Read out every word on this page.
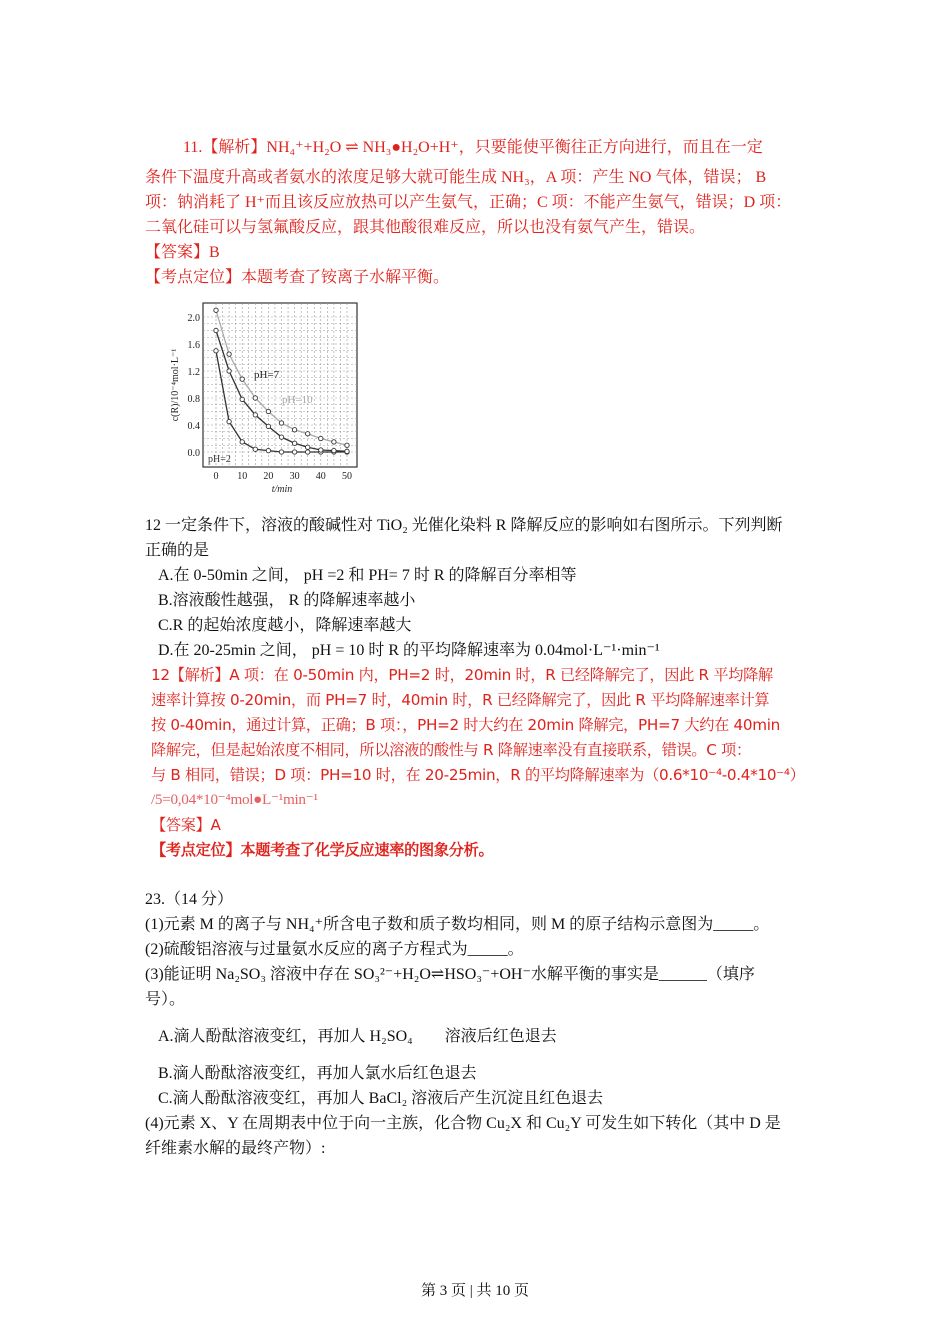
11.【解析】NH₄⁺+H₂O ⇌ NH₃●H₂O+H⁺，只要能使平衡往正方向进行，而且在一定
条件下温度升高或者氨水的浓度足够大就可能生成 NH₃，A 项：产生 NO 气体，错误； B
项：钠消耗了 H⁺而且该反应放热可以产生氨气，正确；C 项：不能产生氨气，错误；D 项：
二氧化硅可以与氢氟酸反应，跟其他酸很难反应，所以也没有氨气产生，错误。
【答案】B
【考点定位】本题考查了铵离子水解平衡。
0 10 20 30 40 50
0.0
0.4
0.8
1.2
1.6
2.0
t/min
c(R)/10⁻⁴mol·L⁻¹
pH=2
pH=7
pH=10
12 一定条件下，溶液的酸碱性对 TiO₂ 光催化染料 R 降解反应的影响如右图所示。下列判断
正确的是
A.在 0-50min 之间， pH =2 和 PH= 7 时 R 的降解百分率相等
B.溶液酸性越强， R 的降解速率越小
C.R 的起始浓度越小，降解速率越大
D.在 20-25min 之间， pH = 10 时 R 的平均降解速率为 0.04mol·L⁻¹·min⁻¹
12【解析】A 项：在 0-50min 内，PH=2 时，20min 时，R 已经降解完了，因此 R 平均降解
速率计算按 0-20min，而 PH=7 时，40min 时，R 已经降解完了，因此 R 平均降解速率计算
按 0-40min，通过计算，正确；B 项：，PH=2 时大约在 20min 降解完，PH=7 大约在 40min
降解完，但是起始浓度不相同，所以溶液的酸性与 R 降解速率没有直接联系，错误。C 项：
与 B 相同，错误；D 项：PH=10 时，在 20-25min，R 的平均降解速率为（0.6*10⁻⁴-0.4*10⁻⁴）
/5=0,04*10⁻⁴mol●L⁻¹min⁻¹
【答案】A
【考点定位】本题考查了化学反应速率的图象分析。
23.（14 分）
(1)元素 M 的离子与 NH₄⁺所含电子数和质子数均相同，则 M 的原子结构示意图为_____。
(2)硫酸铝溶液与过量氨水反应的离子方程式为_____。
(3)能证明 Na₂SO₃ 溶液中存在 SO₃²⁻+H₂O⇌HSO₃⁻+OH⁻水解平衡的事实是______（填序
号）。
A.滴人酚酞溶液变红，再加人 H₂SO₄　　溶液后红色退去
B.滴人酚酞溶液变红，再加人氯水后红色退去
C.滴人酚酞溶液变红，再加人 BaCl₂ 溶液后产生沉淀且红色退去
(4)元素 X、Y 在周期表中位于向一主族，化合物 Cu₂X 和 Cu₂Y 可发生如下转化（其中 D 是
纤维素水解的最终产物）:
第 3 页 | 共 10 页
